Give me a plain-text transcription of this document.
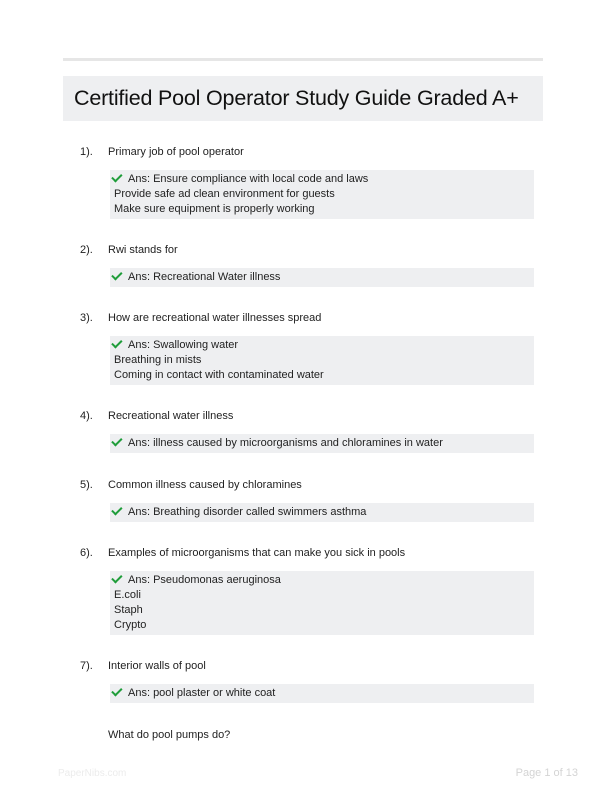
Certified Pool Operator Study Guide Graded A+
1).	Primary job of pool operator
Ans: Ensure compliance with local code and laws
Provide safe ad clean environment for guests
Make sure equipment is properly working
2).	Rwi stands for
Ans: Recreational Water illness
3).	How are recreational water illnesses spread
Ans: Swallowing water
Breathing in mists
Coming in contact with contaminated water
4).	Recreational water illness
Ans: illness caused by microorganisms and chloramines in water
5).	Common illness caused by chloramines
Ans: Breathing disorder called swimmers asthma
6).	Examples of microorganisms that can make you sick in pools
Ans: Pseudomonas aeruginosa
E.coli
Staph
Crypto
7).	Interior walls of pool
Ans: pool plaster or white coat
What do pool pumps do?
PaperNibs.com	Page 1 of 13
